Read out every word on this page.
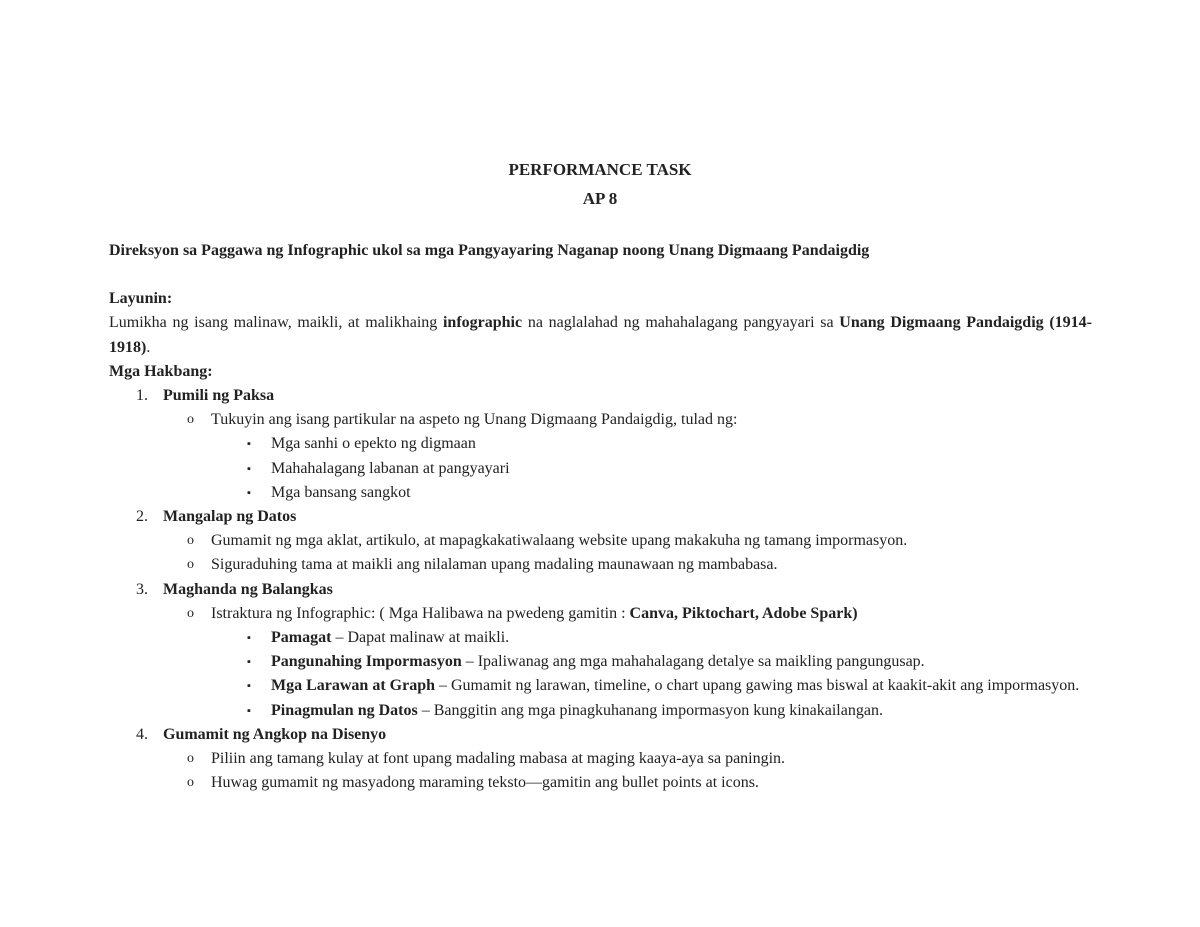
PERFORMANCE TASK
AP 8

Direksyon sa Paggawa ng Infographic ukol sa mga Pangyayaring Naganap noong Unang Digmaang Pandaigdig

Layunin:

Lumikha ng isang malinaw, maikli, at malikhaing infographic na naglalahad ng mahahalagang pangyayari sa Unang Digmaang Pandaigdig (1914-1918).

Mga Hakbang:

1. Pumili ng Paksa
o Tukuyin ang isang partikular na aspeto ng Unang Digmaang Pandaigdig, tulad ng:
▪ Mga sanhi o epekto ng digmaan
▪ Mahahalagang labanan at pangyayari
▪ Mga bansang sangkot
2. Mangalap ng Datos
o Gumamit ng mga aklat, artikulo, at mapagkakatiwalaang website upang makakuha ng tamang impormasyon.
o Siguraduhing tama at maikli ang nilalaman upang madaling maunawaan ng mambabasa.
3. Maghanda ng Balangkas
o Istraktura ng Infographic: ( Mga Halibawa na pwedeng gamitin : Canva, Piktochart, Adobe Spark)
▪ Pamagat – Dapat malinaw at maikli.
▪ Pangunahing Impormasyon – Ipaliwanag ang mga mahahalagang detalye sa maikling pangungusap.
▪ Mga Larawan at Graph – Gumamit ng larawan, timeline, o chart upang gawing mas biswal at kaakit-akit ang impormasyon.
▪ Pinagmulan ng Datos – Banggitin ang mga pinagkuhanang impormasyon kung kinakailangan.
4. Gumamit ng Angkop na Disenyo
o Piliin ang tamang kulay at font upang madaling mabasa at maging kaaya-aya sa paningin.
o Huwag gumamit ng masyadong maraming teksto—gamitin ang bullet points at icons.
